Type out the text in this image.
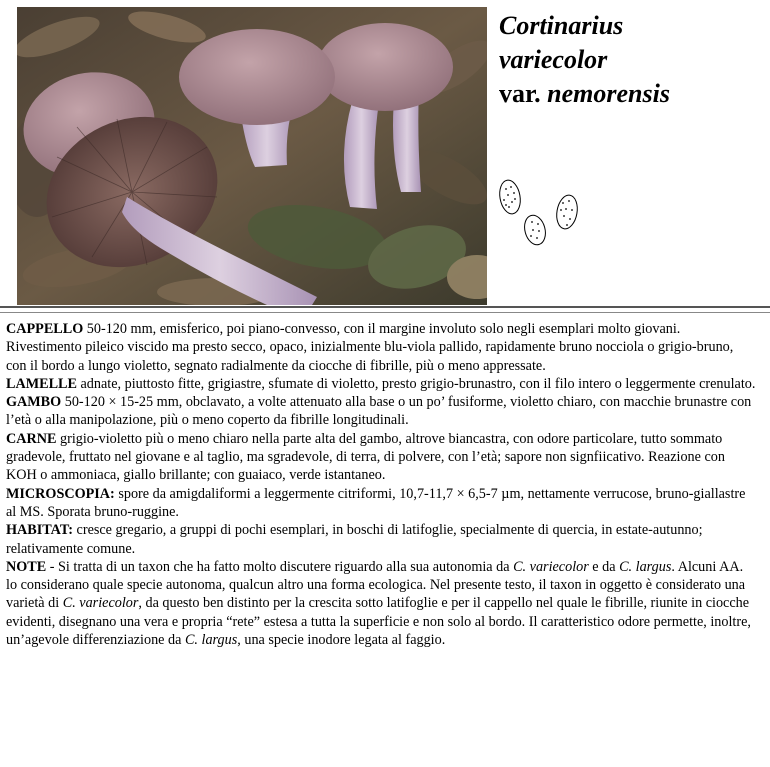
Cortinarius
variecolor
var. nemorensis

CAPPELLO 50-120 mm, emisferico, poi piano-convesso, con il margine involuto solo negli esemplari molto giovani. Rivestimento pileico viscido ma presto secco, opaco, inizialmente blu-viola pallido, rapidamente bruno nocciola o grigio-bruno, con il bordo a lungo violetto, segnato radialmente da ciocche di fibrille, più o meno appressate.

LAMELLE adnate, piuttosto fitte, grigiastre, sfumate di violetto, presto grigio-brunastro, con il filo intero o leggermente crenulato.

GAMBO 50-120 × 15-25 mm, obclavato, a volte attenuato alla base o un po’ fusiforme, violetto chiaro, con macchie brunastre con l’età o alla manipolazione, più o meno coperto da fibrille longitudinali.

CARNE grigio-violetto più o meno chiaro nella parte alta del gambo, altrove biancastra, con odore particolare, tutto sommato gradevole, fruttato nel giovane e al taglio, ma sgradevole, di terra, di polvere, con l’età; sapore non signfiicativo. Reazione con KOH o ammoniaca, giallo brillante; con guaiaco, verde istantaneo.

MICROSCOPIA: spore da amigdaliformi a leggermente citriformi, 10,7-11,7 × 6,5-7 µm, nettamente verrucose, bruno-giallastre al MS. Sporata bruno-ruggine.

HABITAT: cresce gregario, a gruppi di pochi esemplari, in boschi di latifoglie, specialmente di quercia, in estate-autunno; relativamente comune.

NOTE - Si tratta di un taxon che ha fatto molto discutere riguardo alla sua autonomia da C. variecolor e da C. largus. Alcuni AA. lo considerano quale specie autonoma, qualcun altro una forma ecologica. Nel presente testo, il taxon in oggetto è considerato una varietà di C. variecolor, da questo ben distinto per la crescita sotto latifoglie e per il cappello nel quale le fibrille, riunite in ciocche evidenti, disegnano una vera e propria “rete” estesa a tutta la superficie e non solo al bordo. Il caratteristico odore permette, inoltre, un’agevole differenziazione da C. largus, una specie inodore legata al faggio.
